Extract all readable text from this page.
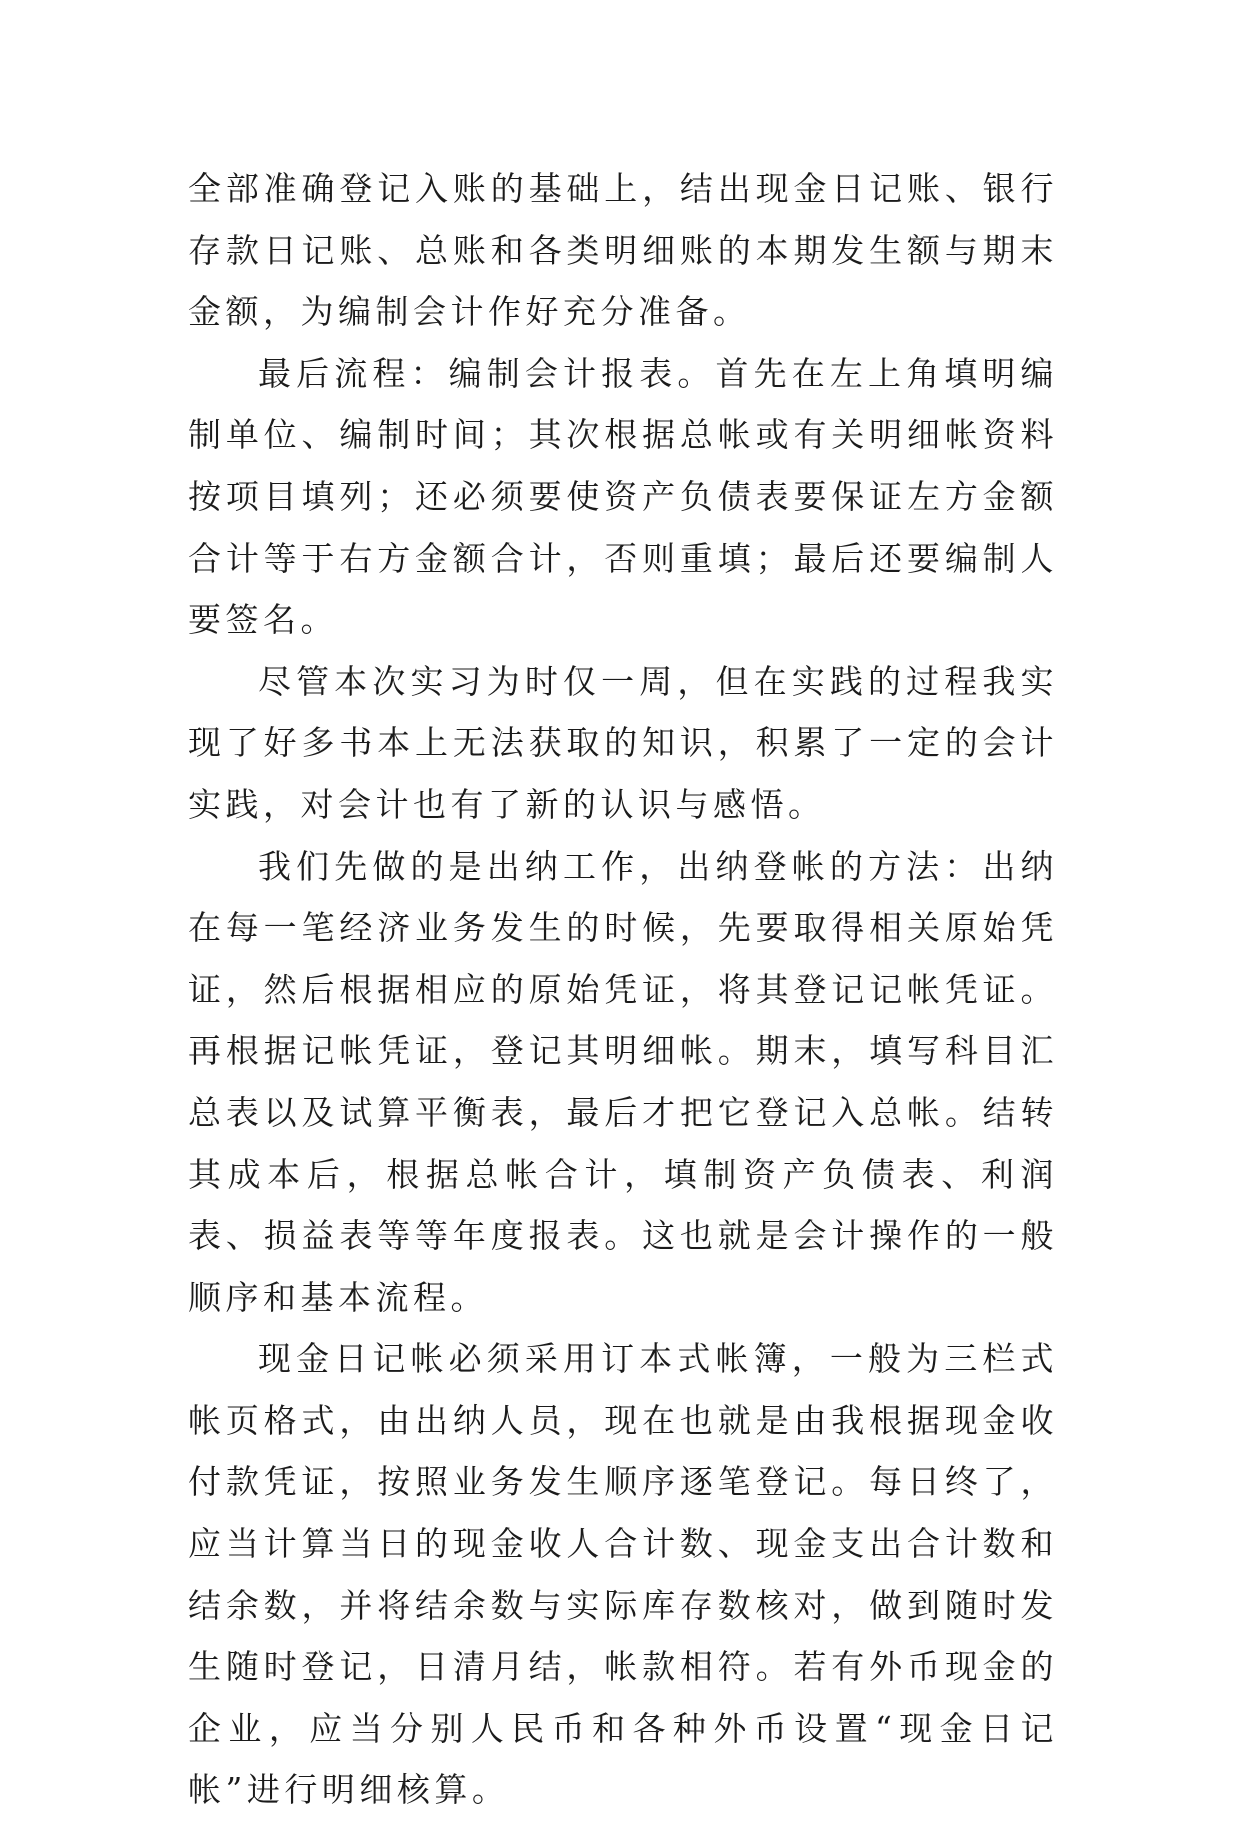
全部准确登记入账的基础上，结出现金日记账、银行存款日记账、总账和各类明细账的本期发生额与期末金额，为编制会计作好充分准备。

最后流程：编制会计报表。首先在左上角填明编制单位、编制时间；其次根据总帐或有关明细帐资料按项目填列；还必须要使资产负债表要保证左方金额合计等于右方金额合计，否则重填；最后还要编制人要签名。

尽管本次实习为时仅一周，但在实践的过程我实现了好多书本上无法获取的知识，积累了一定的会计实践，对会计也有了新的认识与感悟。

我们先做的是出纳工作，出纳登帐的方法：出纳在每一笔经济业务发生的时候，先要取得相关原始凭证，然后根据相应的原始凭证，将其登记记帐凭证。再根据记帐凭证，登记其明细帐。期末，填写科目汇总表以及试算平衡表，最后才把它登记入总帐。结转其成本后，根据总帐合计，填制资产负债表、利润表、损益表等等年度报表。这也就是会计操作的一般顺序和基本流程。

现金日记帐必须采用订本式帐簿，一般为三栏式帐页格式，由出纳人员，现在也就是由我根据现金收付款凭证，按照业务发生顺序逐笔登记。每日终了，应当计算当日的现金收人合计数、现金支出合计数和结余数，并将结余数与实际库存数核对，做到随时发生随时登记，日清月结，帐款相符。若有外币现金的企业，应当分别人民币和各种外币设置“现金日记帐”进行明细核算。
